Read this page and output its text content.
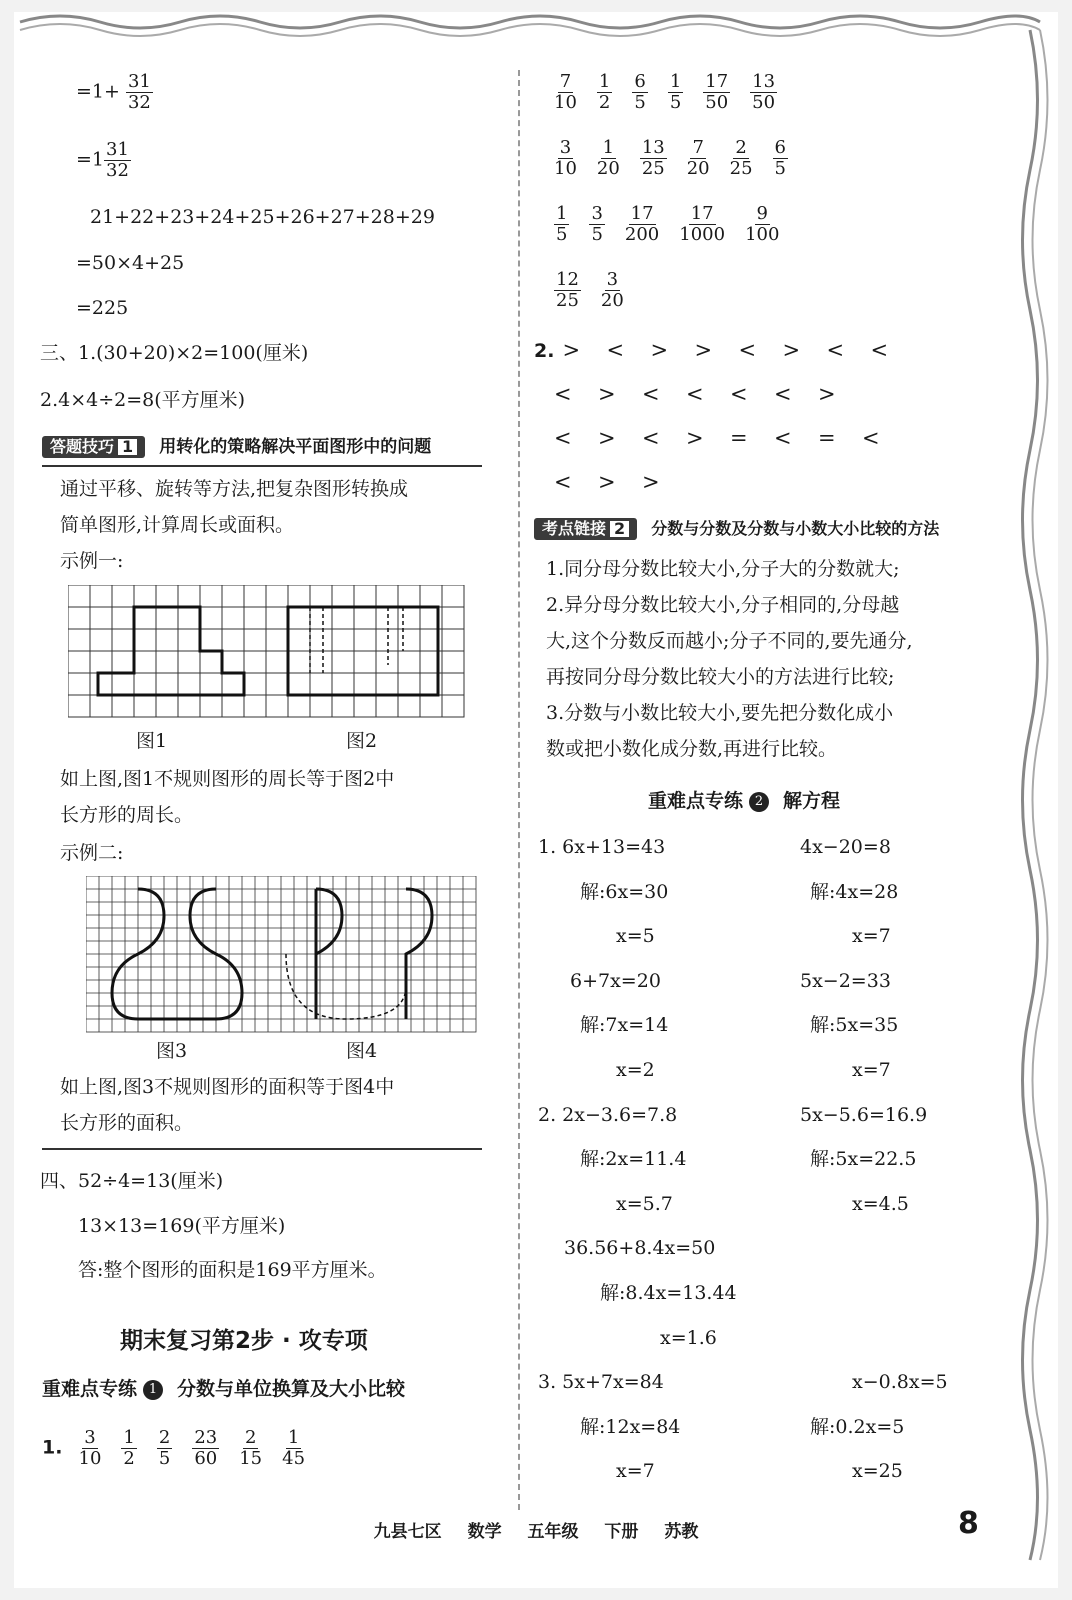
$=1+ \frac{31}{32}$
$=1 \frac{31}{32}$
21+22+23+24+25+26+27+28+29
=50×4+25
=225
三、1.(30+20)×2=100(厘米)
2.4×4÷2=8(平方厘米)
答题技巧 1 用转化的策略解决平面图形中的问题
通过平移、旋转等方法,把复杂图形转换成
简单图形,计算周长或面积。
示例一:
图1	图2
如上图,图1不规则图形的周长等于图2中
长方形的周长。
示例二:
图3	图4
如上图,图3不规则图形的面积等于图4中
长方形的面积。
四、52÷4=13(厘米)
13×13=169(平方厘米)
答:整个图形的面积是169平方厘米。
期末复习第2步 · 攻专项
重难点专练 1 分数与单位换算及大小比较
1. $\frac{3}{10} \frac{1}{2} \frac{2}{5} \frac{23}{60} \frac{2}{15} \frac{1}{45}$
$\frac{7}{10} \frac{1}{2} \frac{6}{5} \frac{1}{5} \frac{17}{50} \frac{13}{50}$
$\frac{3}{10} \frac{1}{20} \frac{13}{25} \frac{7}{20} \frac{2}{25} \frac{6}{5}$
$\frac{1}{5} \frac{3}{5} \frac{17}{200} \frac{17}{1000} \frac{9}{100}$
$\frac{12}{25} \frac{3}{20}$
2. > < > > < > < <
< > < < < < >
< > < > = < = <
< > >
考点链接 2 分数与分数及分数与小数大小比较的方法
1.同分母分数比较大小,分子大的分数就大;
2.异分母分数比较大小,分子相同的,分母越
大,这个分数反而越小;分子不同的,要先通分,
再按同分母分数比较大小的方法进行比较;
3.分数与小数比较大小,要先把分数化成小
数或把小数化成分数,再进行比较。
重难点专练 2 解方程
1. 6x+13=43	4x−20=8
解:6x=30	解:4x=28
x=5	x=7
6+7x=20	5x−2=33
解:7x=14	解:5x=35
x=2	x=7
2. 2x−3.6=7.8	5x−5.6=16.9
解:2x=11.4	解:5x=22.5
x=5.7	x=4.5
36.56+8.4x=50
解:8.4x=13.44
x=1.6
3. 5x+7x=84	x−0.8x=5
解:12x=84	解:0.2x=5
x=7	x=25
九县七区 数学 五年级 下册 苏教	8
